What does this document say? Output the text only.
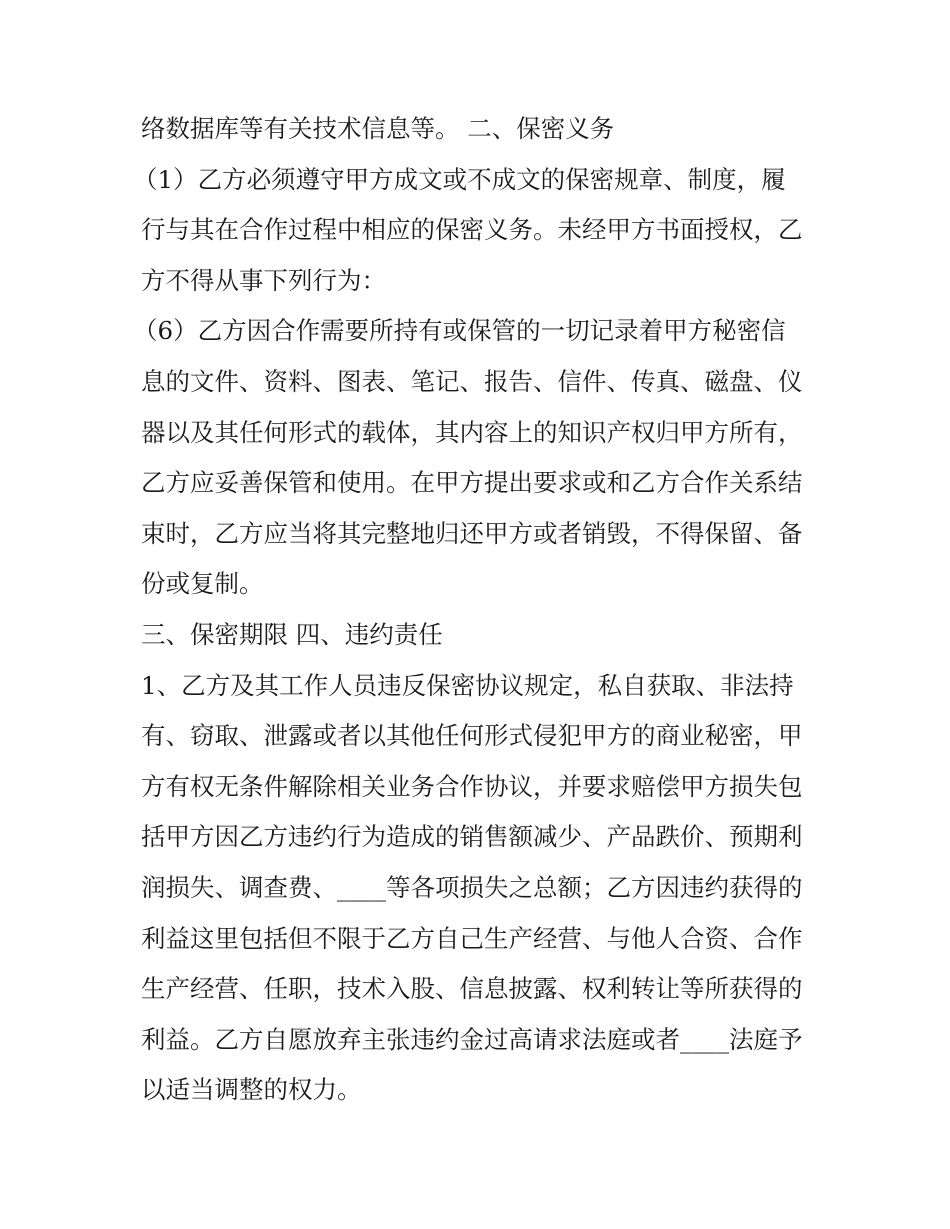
络数据库等有关技术信息等。 二、保密义务
（1）乙方必须遵守甲方成文或不成文的保密规章、制度，履
行与其在合作过程中相应的保密义务。未经甲方书面授权，乙
方不得从事下列行为：
（6）乙方因合作需要所持有或保管的一切记录着甲方秘密信
息的文件、资料、图表、笔记、报告、信件、传真、磁盘、仪
器以及其任何形式的载体，其内容上的知识产权归甲方所有，
乙方应妥善保管和使用。在甲方提出要求或和乙方合作关系结
束时，乙方应当将其完整地归还甲方或者销毁，不得保留、备
份或复制。
三、保密期限 四、违约责任
1、乙方及其工作人员违反保密协议规定，私自获取、非法持
有、窃取、泄露或者以其他任何形式侵犯甲方的商业秘密，甲
方有权无条件解除相关业务合作协议，并要求赔偿甲方损失包
括甲方因乙方违约行为造成的销售额减少、产品跌价、预期利
润损失、调查费、____等各项损失之总额；乙方因违约获得的
利益这里包括但不限于乙方自己生产经营、与他人合资、合作
生产经营、任职，技术入股、信息披露、权利转让等所获得的
利益。乙方自愿放弃主张违约金过高请求法庭或者____法庭予
以适当调整的权力。
